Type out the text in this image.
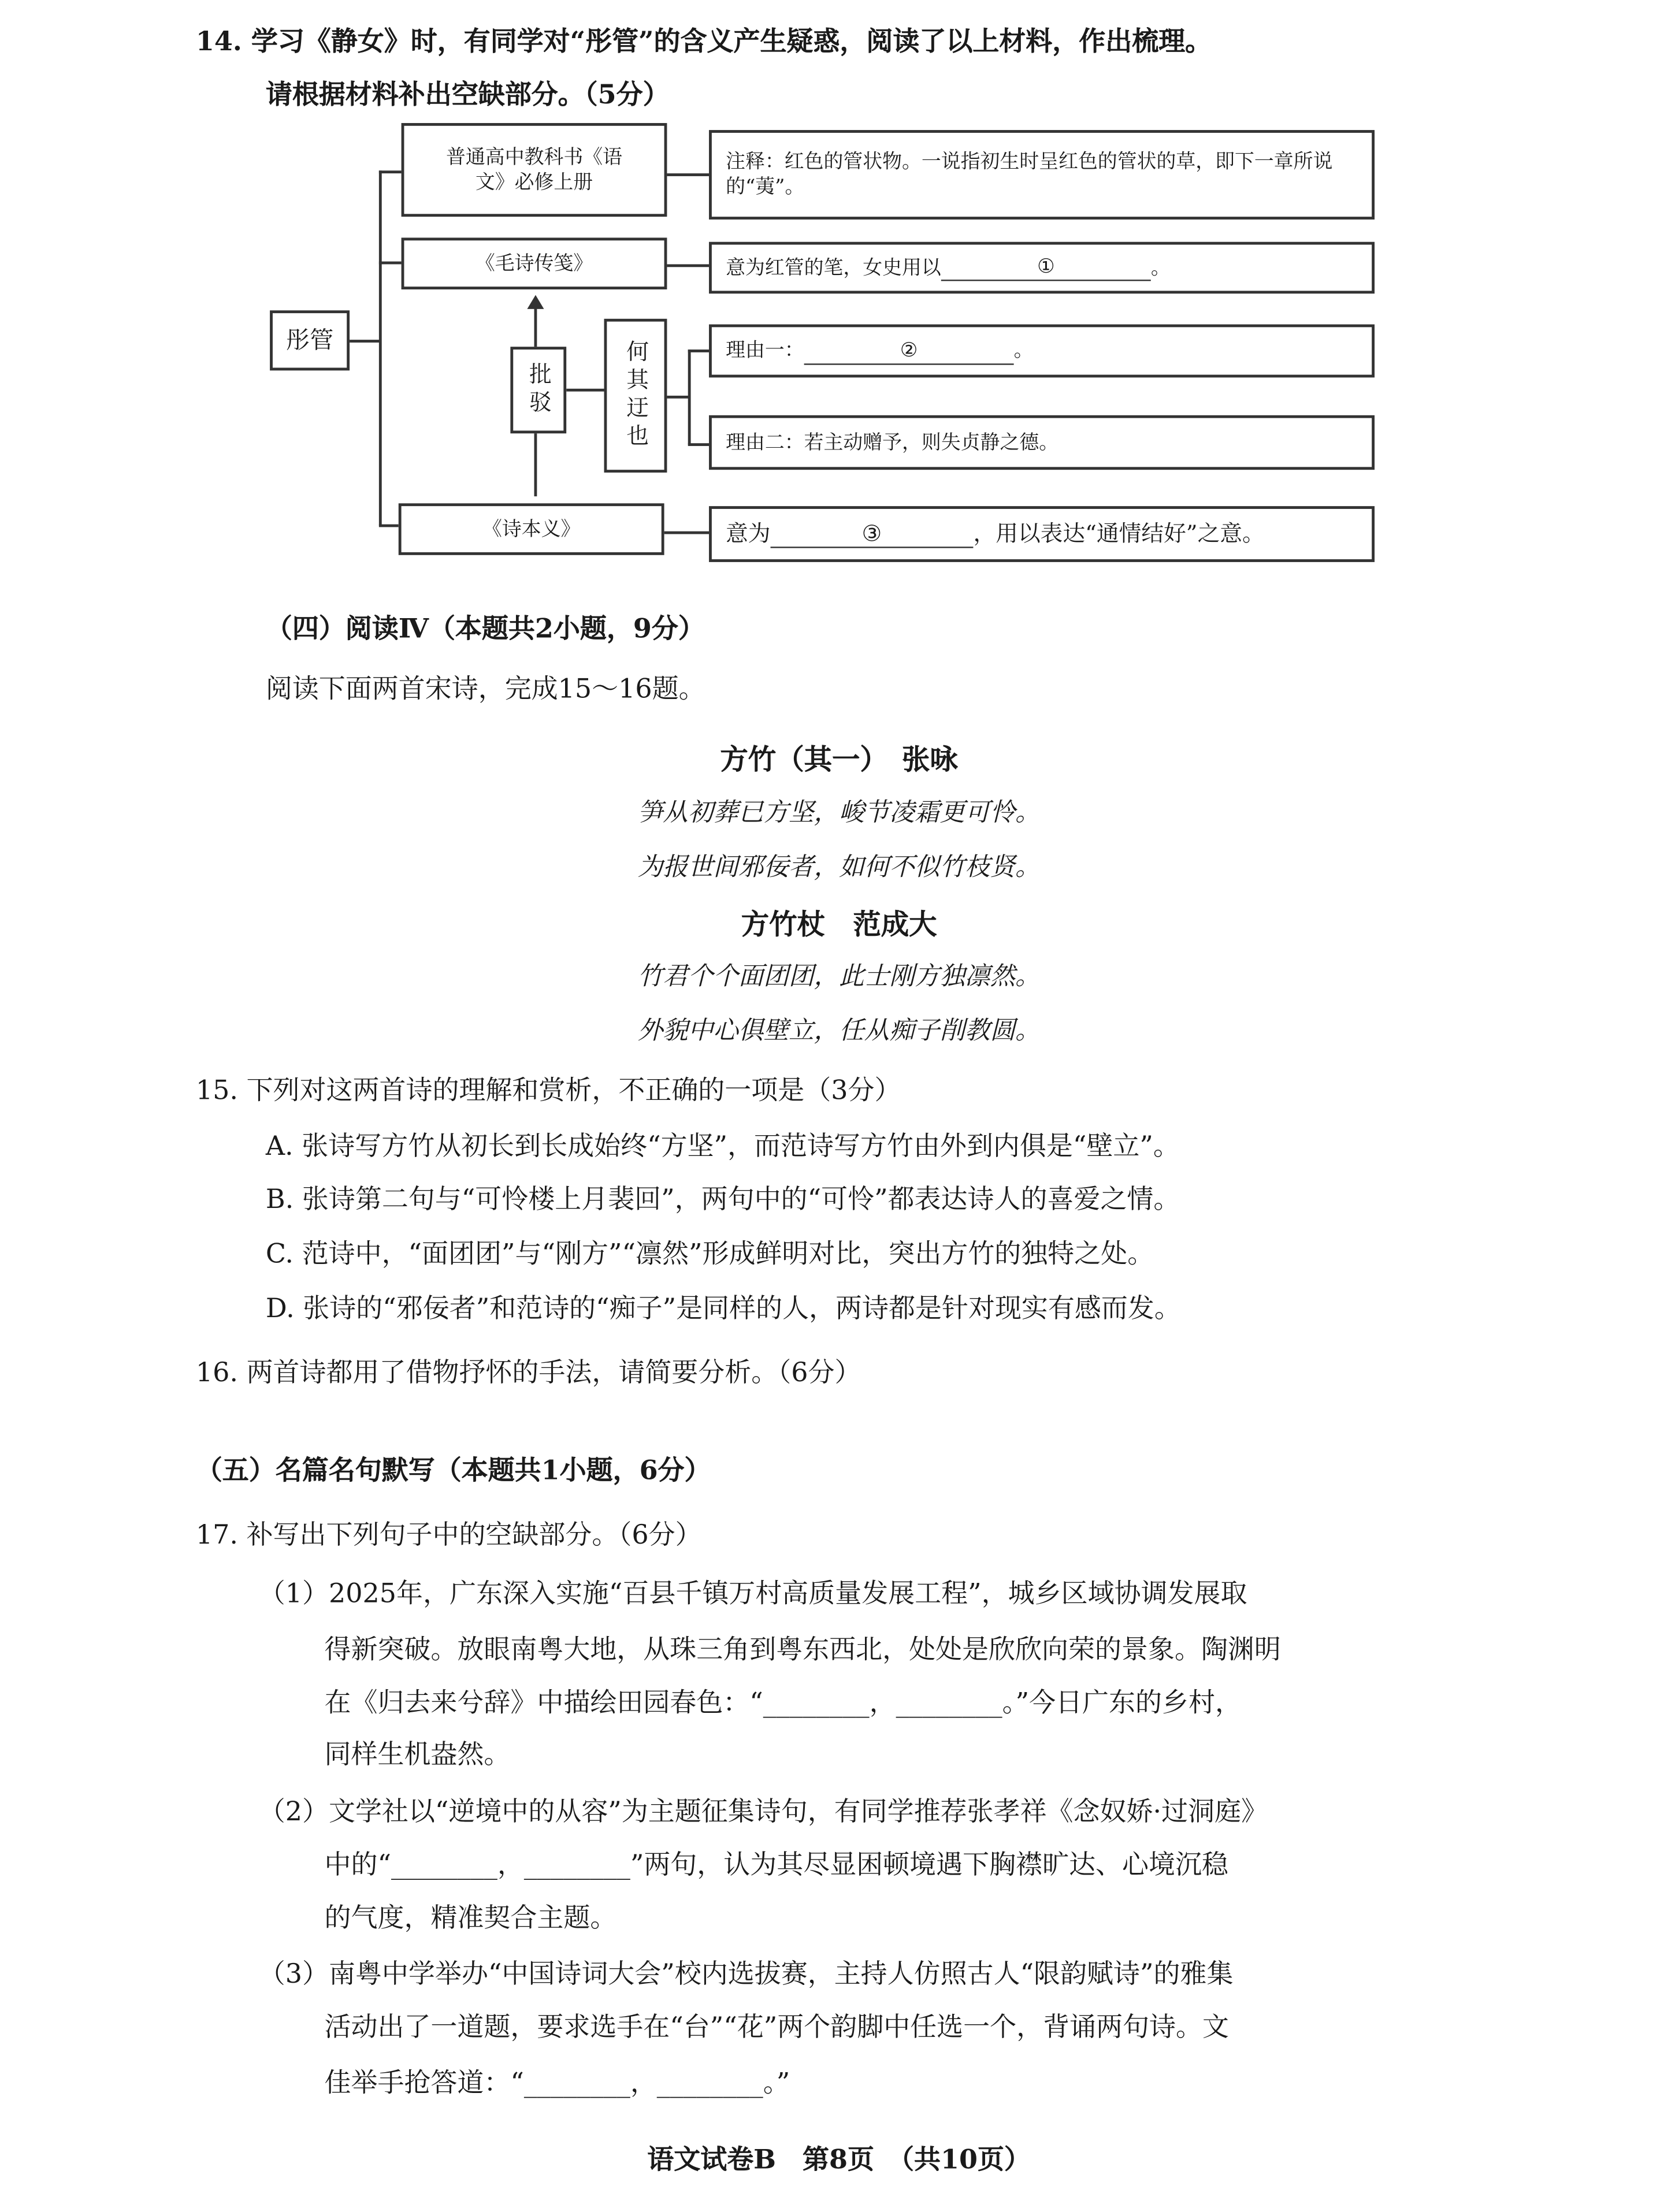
14. 学习《静女》时，有同学对“彤管”的含义产生疑惑，阅读了以上材料，作出梳理。
请根据材料补出空缺部分。（5分）
彤管
普通高中教科书《语文》必修上册
《毛诗传笺》
批驳	何其迂也
《诗本义》
注释：红色的管状物。一说指初生时呈红色的管状的草，即下一章所说的“荑”。
意为红管的笔，女史用以	①	。
理由一：	②	。
理由二：若主动赠予，则失贞静之德。
意为	③	，用以表达“通情结好”之意。
（四）阅读Ⅳ（本题共2小题，9分）
阅读下面两首宋诗，完成15～16题。
方竹（其一）　张咏
笋从初葬已方坚，峻节凌霜更可怜。
为报世间邪佞者，如何不似竹枝贤。
方竹杖　范成大
竹君个个面团团，此士刚方独凛然。
外貌中心俱壁立，任从痴子削教圆。
15. 下列对这两首诗的理解和赏析，不正确的一项是（3分）
A. 张诗写方竹从初长到长成始终“方坚”，而范诗写方竹由外到内俱是“壁立”。
B. 张诗第二句与“可怜楼上月裴回”，两句中的“可怜”都表达诗人的喜爱之情。
C. 范诗中，“面团团”与“刚方”“凛然”形成鲜明对比，突出方竹的独特之处。
D. 张诗的“邪佞者”和范诗的“痴子”是同样的人，两诗都是针对现实有感而发。
16. 两首诗都用了借物抒怀的手法，请简要分析。（6分）
（五）名篇名句默写（本题共1小题，6分）
17. 补写出下列句子中的空缺部分。（6分）
（1）2025年，广东深入实施“百县千镇万村高质量发展工程”，城乡区域协调发展取
得新突破。放眼南粤大地，从珠三角到粤东西北，处处是欣欣向荣的景象。陶渊明
在《归去来兮辞》中描绘田园春色：“________，________。”今日广东的乡村，
同样生机盎然。
（2）文学社以“逆境中的从容”为主题征集诗句，有同学推荐张孝祥《念奴娇·过洞庭》
中的“________，________”两句，认为其尽显困顿境遇下胸襟旷达、心境沉稳
的气度，精准契合主题。
（3）南粤中学举办“中国诗词大会”校内选拔赛，主持人仿照古人“限韵赋诗”的雅集
活动出了一道题，要求选手在“台”“花”两个韵脚中任选一个，背诵两句诗。文
佳举手抢答道：“________，________。”
语文试卷B　第8页　（共10页）
